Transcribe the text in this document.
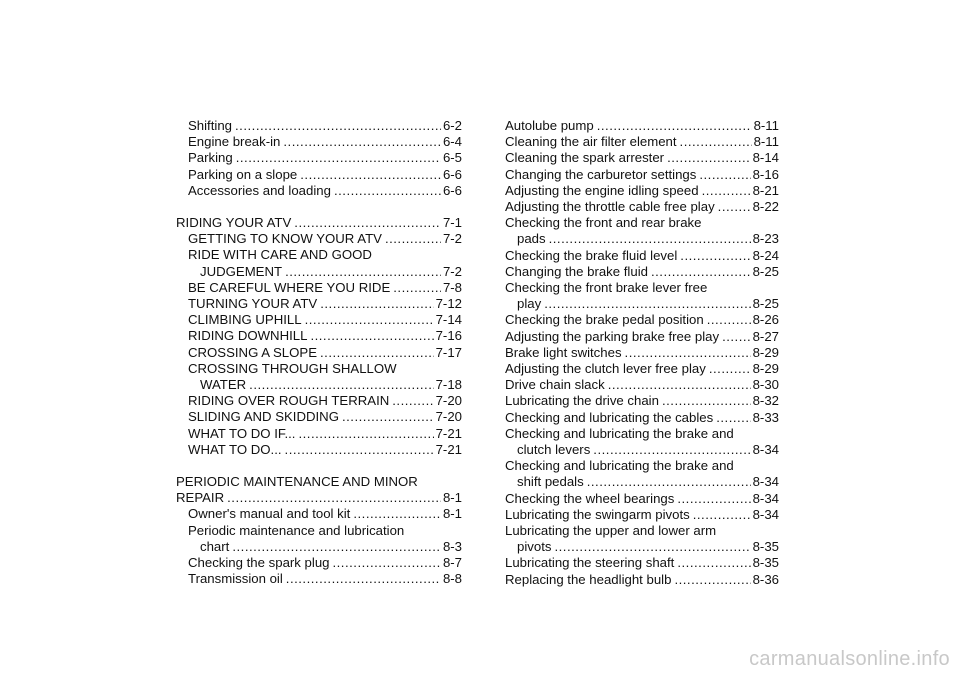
Shifting .....	6-2
Engine break-in .....	6-4
Parking .....	6-5
Parking on a slope .....	6-6
Accessories and loading .....	6-6
RIDING YOUR ATV .....	7-1
GETTING TO KNOW YOUR ATV .....	7-2
RIDE WITH CARE AND GOOD
JUDGEMENT .....	7-2
BE CAREFUL WHERE YOU RIDE .....	7-8
TURNING YOUR ATV .....	7-12
CLIMBING UPHILL .....	7-14
RIDING DOWNHILL .....	7-16
CROSSING A SLOPE .....	7-17
CROSSING THROUGH SHALLOW
WATER .....	7-18
RIDING OVER ROUGH TERRAIN .....	7-20
SLIDING AND SKIDDING .....	7-20
WHAT TO DO IF... .....	7-21
WHAT TO DO... .....	7-21
PERIODIC MAINTENANCE AND MINOR
REPAIR .....	8-1
Owner's manual and tool kit .....	8-1
Periodic maintenance and lubrication
chart .....	8-3
Checking the spark plug .....	8-7
Transmission oil .....	8-8
Autolube pump .....	8-11
Cleaning the air filter element .....	8-11
Cleaning the spark arrester .....	8-14
Changing the carburetor settings .....	8-16
Adjusting the engine idling speed .....	8-21
Adjusting the throttle cable free play .....	8-22
Checking the front and rear brake
pads .....	8-23
Checking the brake fluid level .....	8-24
Changing the brake fluid .....	8-25
Checking the front brake lever free
play .....	8-25
Checking the brake pedal position .....	8-26
Adjusting the parking brake free play .....	8-27
Brake light switches .....	8-29
Adjusting the clutch lever free play .....	8-29
Drive chain slack .....	8-30
Lubricating the drive chain .....	8-32
Checking and lubricating the cables .....	8-33
Checking and lubricating the brake and
clutch levers .....	8-34
Checking and lubricating the brake and
shift pedals .....	8-34
Checking the wheel bearings .....	8-34
Lubricating the swingarm pivots .....	8-34
Lubricating the upper and lower arm
pivots .....	8-35
Lubricating the steering shaft .....	8-35
Replacing the headlight bulb .....	8-36
carmanualsonline.info
